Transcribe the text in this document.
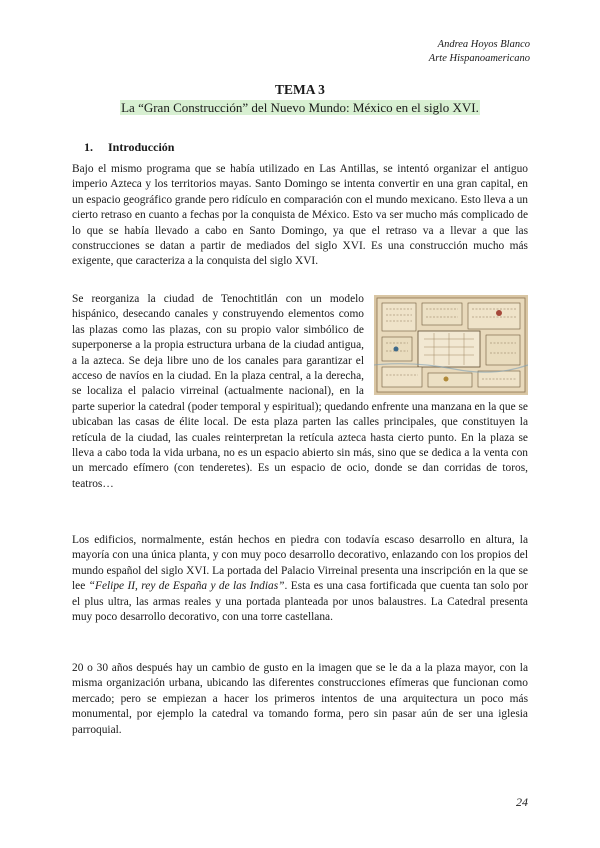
Andrea Hoyos Blanco
Arte Hispanoamericano
TEMA 3
La “Gran Construcción” del Nuevo Mundo: México en el siglo XVI.
1. Introducción

Bajo el mismo programa que se había utilizado en Las Antillas, se intentó organizar el antiguo imperio Azteca y los territorios mayas. Santo Domingo se intenta convertir en una gran capital, en un espacio geográfico grande pero ridículo en comparación con el mundo mexicano. Esto lleva a un cierto retraso en cuanto a fechas por la conquista de México. Esto va ser mucho más complicado de lo que se había llevado a cabo en Santo Domingo, ya que el retraso va a llevar a que las construcciones se datan a partir de mediados del siglo XVI. Es una construcción mucho más exigente, que caracteriza a la conquista del siglo XVI.

Se reorganiza la ciudad de Tenochtitlán con un modelo hispánico, desecando canales y construyendo elementos como las plazas como las plazas, con su propio valor simbólico de superponerse a la propia estructura urbana de la ciudad antigua, a la azteca. Se deja libre uno de los canales para garantizar el acceso de navíos en la ciudad. En la plaza central, a la derecha, se localiza el palacio virreinal (actualmente nacional), en la parte superior la catedral (poder temporal y espiritual); quedando enfrente una manzana en la que se ubicaban las casas de élite local. De esta plaza parten las calles principales, que constituyen la retícula de la ciudad, las cuales reinterpretan la retícula azteca hasta cierto punto. En la plaza se lleva a cabo toda la vida urbana, no es un espacio abierto sin más, sino que se dedica a la venta con un mercado efímero (con tenderetes). Es un espacio de ocio, donde se dan corridas de toros, teatros…

Los edificios, normalmente, están hechos en piedra con todavía escaso desarrollo en altura, la mayoría con una única planta, y con muy poco desarrollo decorativo, enlazando con los propios del mundo español del siglo XVI. La portada del Palacio Virreinal presenta una inscripción en la que se lee “Felipe II, rey de España y de las Indias”. Esta es una casa fortificada que cuenta tan solo por el plus ultra, las armas reales y una portada planteada por unos balaustres. La Catedral presenta muy poco desarrollo decorativo, con una torre castellana.

20 o 30 años después hay un cambio de gusto en la imagen que se le da a la plaza mayor, con la misma organización urbana, ubicando las diferentes construcciones efímeras que funcionan como mercado; pero se empiezan a hacer los primeros intentos de una arquitectura un poco más monumental, por ejemplo la catedral va tomando forma, pero sin pasar aún de ser una iglesia parroquial.

24
